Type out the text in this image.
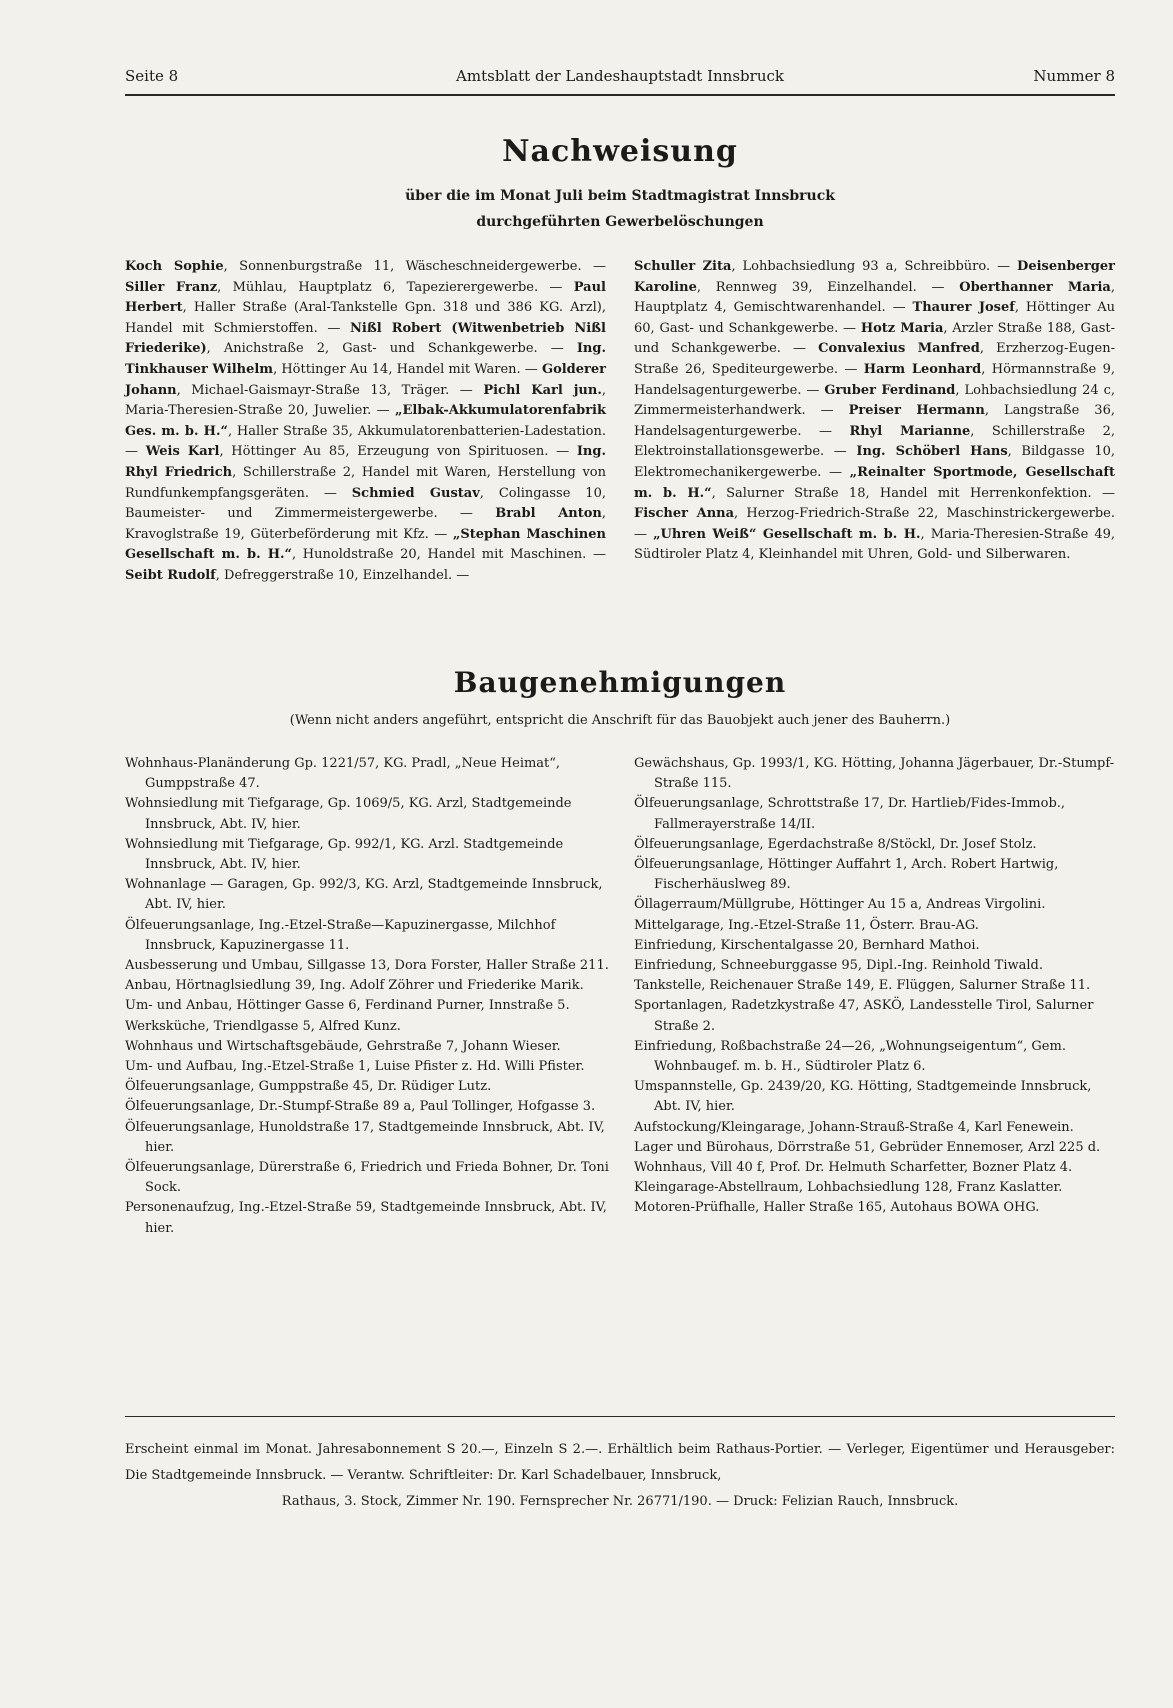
Seite 8	Amtsblatt der Landeshauptstadt Innsbruck	Nummer 8
Nachweisung
über die im Monat Juli beim Stadtmagistrat Innsbruck
durchgeführten Gewerbelöschungen
Koch Sophie, Sonnenburgstraße 11, Wäscheschneidergewerbe. — Siller Franz, Mühlau, Hauptplatz 6, Tapezierergewerbe. — Paul Herbert, Haller Straße (Aral-Tankstelle Gpn. 318 und 386 KG. Arzl), Handel mit Schmierstoffen. — Nißl Robert (Witwenbetrieb Nißl Friederike), Anichstraße 2, Gast- und Schankgewerbe. — Ing. Tinkhauser Wilhelm, Höttinger Au 14, Handel mit Waren. — Golderer Johann, Michael-Gaismayr-Straße 13, Träger. — Pichl Karl jun., Maria-Theresien-Straße 20, Juwelier. — „Elbak-Akkumulatorenfabrik Ges. m. b. H.“, Haller Straße 35, Akkumulatorenbatterien-Ladestation. — Weis Karl, Höttinger Au 85, Erzeugung von Spirituosen. — Ing. Rhyl Friedrich, Schillerstraße 2, Handel mit Waren, Herstellung von Rundfunkempfangsgeräten. — Schmied Gustav, Colingasse 10, Baumeister- und Zimmermeistergewerbe. — Brabl Anton, Kravoglstraße 19, Güterbeförderung mit Kfz. — „Stephan Maschinen Gesellschaft m. b. H.“, Hunoldstraße 20, Handel mit Maschinen. — Seibt Rudolf, Defreggerstraße 10, Einzelhandel. —
Schuller Zita, Lohbachsiedlung 93 a, Schreibbüro. — Deisenberger Karoline, Rennweg 39, Einzelhandel. — Oberthanner Maria, Hauptplatz 4, Gemischtwarenhandel. — Thaurer Josef, Höttinger Au 60, Gast- und Schankgewerbe. — Hotz Maria, Arzler Straße 188, Gast- und Schankgewerbe. — Convalexius Manfred, Erzherzog-Eugen-Straße 26, Spediteurgewerbe. — Harm Leonhard, Hörmannstraße 9, Handelsagenturgewerbe. — Gruber Ferdinand, Lohbachsiedlung 24 c, Zimmermeisterhandwerk. — Preiser Hermann, Langstraße 36, Handelsagenturgewerbe. — Rhyl Marianne, Schillerstraße 2, Elektroinstallationsgewerbe. — Ing. Schöberl Hans, Bildgasse 10, Elektromechanikergewerbe. — „Reinalter Sportmode, Gesellschaft m. b. H.“, Salurner Straße 18, Handel mit Herrenkonfektion. — Fischer Anna, Herzog-Friedrich-Straße 22, Maschinstrickergewerbe. — „Uhren Weiß“ Gesellschaft m. b. H., Maria-Theresien-Straße 49, Südtiroler Platz 4, Kleinhandel mit Uhren, Gold- und Silberwaren.
Baugenehmigungen
(Wenn nicht anders angeführt, entspricht die Anschrift für das Bauobjekt auch jener des Bauherrn.)
Wohnhaus-Planänderung Gp. 1221/57, KG. Pradl, „Neue Heimat“, Gumppstraße 47.
Wohnsiedlung mit Tiefgarage, Gp. 1069/5, KG. Arzl, Stadtgemeinde Innsbruck, Abt. IV, hier.
Wohnsiedlung mit Tiefgarage, Gp. 992/1, KG. Arzl. Stadtgemeinde Innsbruck, Abt. IV, hier.
Wohnanlage — Garagen, Gp. 992/3, KG. Arzl, Stadtgemeinde Innsbruck, Abt. IV, hier.
Ölfeuerungsanlage, Ing.-Etzel-Straße—Kapuzinergasse, Milchhof Innsbruck, Kapuzinergasse 11.
Ausbesserung und Umbau, Sillgasse 13, Dora Forster, Haller Straße 211.
Anbau, Hörtnaglsiedlung 39, Ing. Adolf Zöhrer und Friederike Marik.
Um- und Anbau, Höttinger Gasse 6, Ferdinand Purner, Innstraße 5.
Werksküche, Triendlgasse 5, Alfred Kunz.
Wohnhaus und Wirtschaftsgebäude, Gehrstraße 7, Johann Wieser.
Um- und Aufbau, Ing.-Etzel-Straße 1, Luise Pfister z. Hd. Willi Pfister.
Ölfeuerungsanlage, Gumppstraße 45, Dr. Rüdiger Lutz.
Ölfeuerungsanlage, Dr.-Stumpf-Straße 89 a, Paul Tollinger, Hofgasse 3.
Ölfeuerungsanlage, Hunoldstraße 17, Stadtgemeinde Innsbruck, Abt. IV, hier.
Ölfeuerungsanlage, Dürerstraße 6, Friedrich und Frieda Bohner, Dr. Toni Sock.
Personenaufzug, Ing.-Etzel-Straße 59, Stadtgemeinde Innsbruck, Abt. IV, hier.
Gewächshaus, Gp. 1993/1, KG. Hötting, Johanna Jägerbauer, Dr.-Stumpf-Straße 115.
Ölfeuerungsanlage, Schrottstraße 17, Dr. Hartlieb/Fides-Immob., Fallmerayerstraße 14/II.
Ölfeuerungsanlage, Egerdachstraße 8/Stöckl, Dr. Josef Stolz.
Ölfeuerungsanlage, Höttinger Auffahrt 1, Arch. Robert Hartwig, Fischerhäuslweg 89.
Öllagerraum/Müllgrube, Höttinger Au 15 a, Andreas Virgolini.
Mittelgarage, Ing.-Etzel-Straße 11, Österr. Brau-AG.
Einfriedung, Kirschentalgasse 20, Bernhard Mathoi.
Einfriedung, Schneeburggasse 95, Dipl.-Ing. Reinhold Tiwald.
Tankstelle, Reichenauer Straße 149, E. Flüggen, Salurner Straße 11.
Sportanlagen, Radetzkystraße 47, ASKÖ, Landesstelle Tirol, Salurner Straße 2.
Einfriedung, Roßbachstraße 24—26, „Wohnungseigentum“, Gem. Wohnbaugef. m. b. H., Südtiroler Platz 6.
Umspannstelle, Gp. 2439/20, KG. Hötting, Stadtgemeinde Innsbruck, Abt. IV, hier.
Aufstockung/Kleingarage, Johann-Strauß-Straße 4, Karl Fenewein.
Lager und Bürohaus, Dörrstraße 51, Gebrüder Ennemoser, Arzl 225 d.
Wohnhaus, Vill 40 f, Prof. Dr. Helmuth Scharfetter, Bozner Platz 4.
Kleingarage-Abstellraum, Lohbachsiedlung 128, Franz Kaslatter.
Motoren-Prüfhalle, Haller Straße 165, Autohaus BOWA OHG.
Erscheint einmal im Monat. Jahresabonnement S 20.—, Einzeln S 2.—. Erhältlich beim Rathaus-Portier. — Verleger, Eigentümer und Herausgeber: Die Stadtgemeinde Innsbruck. — Verantw. Schriftleiter: Dr. Karl Schadelbauer, Innsbruck,
Rathaus, 3. Stock, Zimmer Nr. 190. Fernsprecher Nr. 26771/190. — Druck: Felizian Rauch, Innsbruck.
